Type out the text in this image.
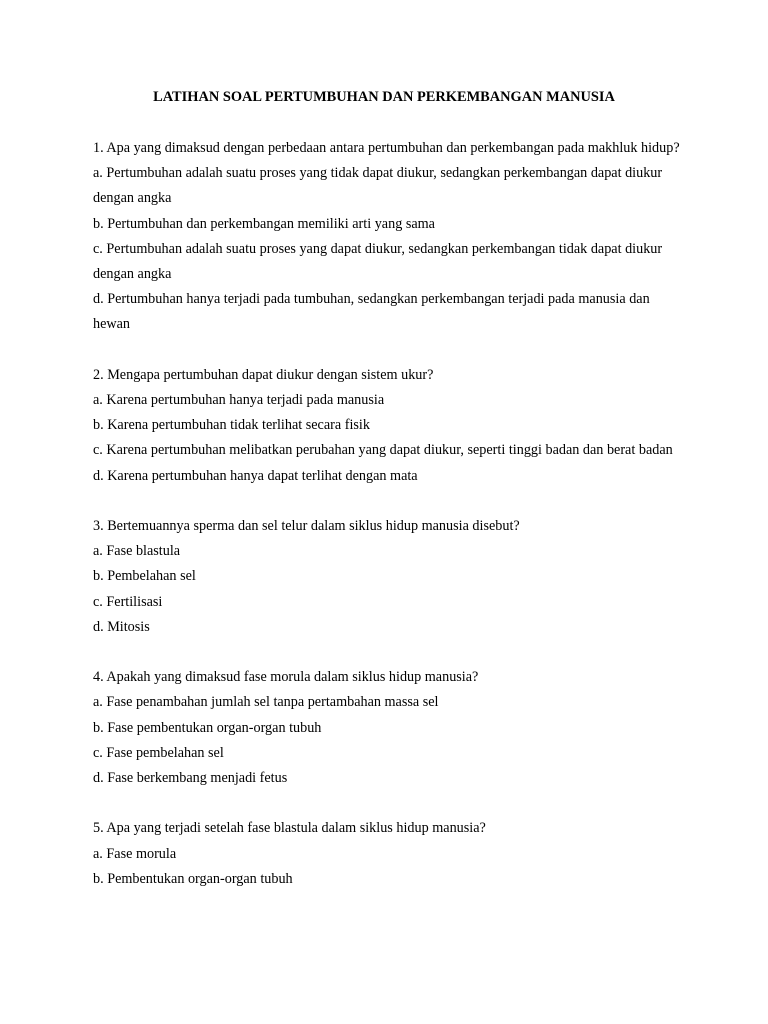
LATIHAN SOAL PERTUMBUHAN DAN PERKEMBANGAN MANUSIA
1. Apa yang dimaksud dengan perbedaan antara pertumbuhan dan perkembangan pada makhluk hidup?
a. Pertumbuhan adalah suatu proses yang tidak dapat diukur, sedangkan perkembangan dapat diukur dengan angka
b. Pertumbuhan dan perkembangan memiliki arti yang sama
c. Pertumbuhan adalah suatu proses yang dapat diukur, sedangkan perkembangan tidak dapat diukur dengan angka
d. Pertumbuhan hanya terjadi pada tumbuhan, sedangkan perkembangan terjadi pada manusia dan hewan
2. Mengapa pertumbuhan dapat diukur dengan sistem ukur?
a. Karena pertumbuhan hanya terjadi pada manusia
b. Karena pertumbuhan tidak terlihat secara fisik
c. Karena pertumbuhan melibatkan perubahan yang dapat diukur, seperti tinggi badan dan berat badan
d. Karena pertumbuhan hanya dapat terlihat dengan mata
3. Bertemuannya sperma dan sel telur dalam siklus hidup manusia disebut?
a. Fase blastula
b. Pembelahan sel
c. Fertilisasi
d. Mitosis
4. Apakah yang dimaksud fase morula dalam siklus hidup manusia?
a. Fase penambahan jumlah sel tanpa pertambahan massa sel
b. Fase pembentukan organ-organ tubuh
c. Fase pembelahan sel
d. Fase berkembang menjadi fetus
5. Apa yang terjadi setelah fase blastula dalam siklus hidup manusia?
a. Fase morula
b. Pembentukan organ-organ tubuh
